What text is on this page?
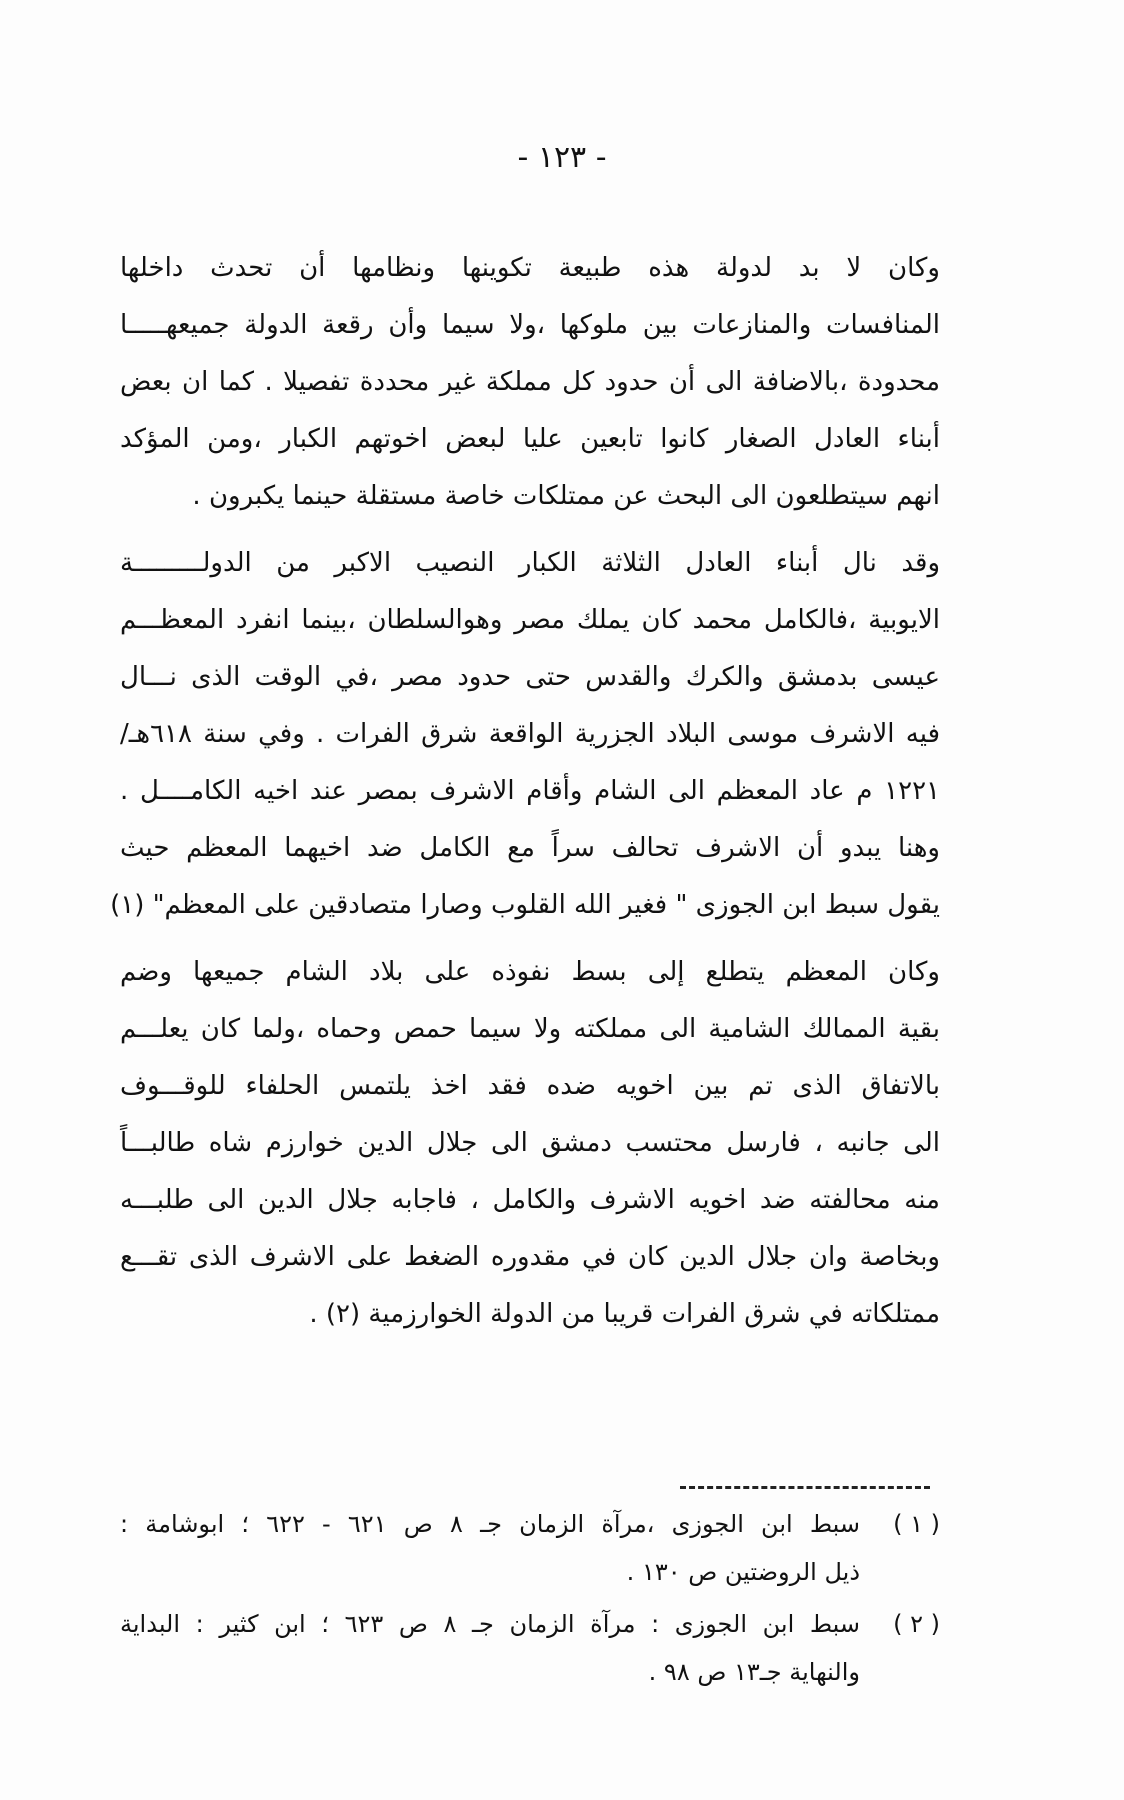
- ١٢٣ -
وكان لا بد لدولة هذه طبيعة تكوينها ونظامها أن تحدث داخلها
المنافسات والمنازعات بين ملوكها ،ولا سيما وأن رقعة الدولة جميعهـــــا
محدودة ،بالاضافة الى أن حدود كل مملكة غير محددة تفصيلا . كما ان بعض
أبناء العادل الصغار كانوا تابعين عليا لبعض اخوتهم الكبار ،ومن المؤكد
انهم سيتطلعون الى البحث عن ممتلكات خاصة مستقلة حينما يكبرون .
وقد نال أبناء العادل الثلاثة الكبار النصيب الاكبر من الدولـــــــــة
الايوبية ،فالكامل محمد كان يملك مصر وهوالسلطان ،بينما انفرد المعظـــم
عيسى بدمشق والكرك والقدس حتى حدود مصر ،في الوقت الذى نـــال
فيه الاشرف موسى البلاد الجزرية الواقعة شرق الفرات . وفي سنة ٦١٨هـ/
١٢٢١ م عاد المعظم الى الشام وأقام الاشرف بمصر عند اخيه الكامــــل .
وهنا يبدو أن الاشرف تحالف سراً مع الكامل ضد اخيهما المعظم حيث
يقول سبط ابن الجوزى " فغير الله القلوب وصارا متصادقين على المعظم" (١)
وكان المعظم يتطلع إلى بسط نفوذه على بلاد الشام جميعها وضم
بقية الممالك الشامية الى مملكته ولا سيما حمص وحماه ،ولما كان يعلـــم
بالاتفاق الذى تم بين اخويه ضده فقد اخذ يلتمس الحلفاء للوقـــوف
الى جانبه ، فارسل محتسب دمشق الى جلال الدين خوارزم شاه طالبـــاً
منه محالفته ضد اخويه الاشرف والكامل ، فاجابه جلال الدين الى طلبـــه
وبخاصة وان جلال الدين كان في مقدوره الضغط على الاشرف الذى تقـــع
ممتلكاته في شرق الفرات قريبا من الدولة الخوارزمية (٢) .
( ١ )
سبط ابن الجوزى ،مرآة الزمان جـ ٨ ص ٦٢١ - ٦٢٢ ؛ ابوشامة :
ذيل الروضتين ص ١٣٠ .
( ٢ )
سبط ابن الجوزى : مرآة الزمان جـ ٨ ص ٦٢٣ ؛ ابن كثير : البداية
والنهاية جـ١٣ ص ٩٨ .
